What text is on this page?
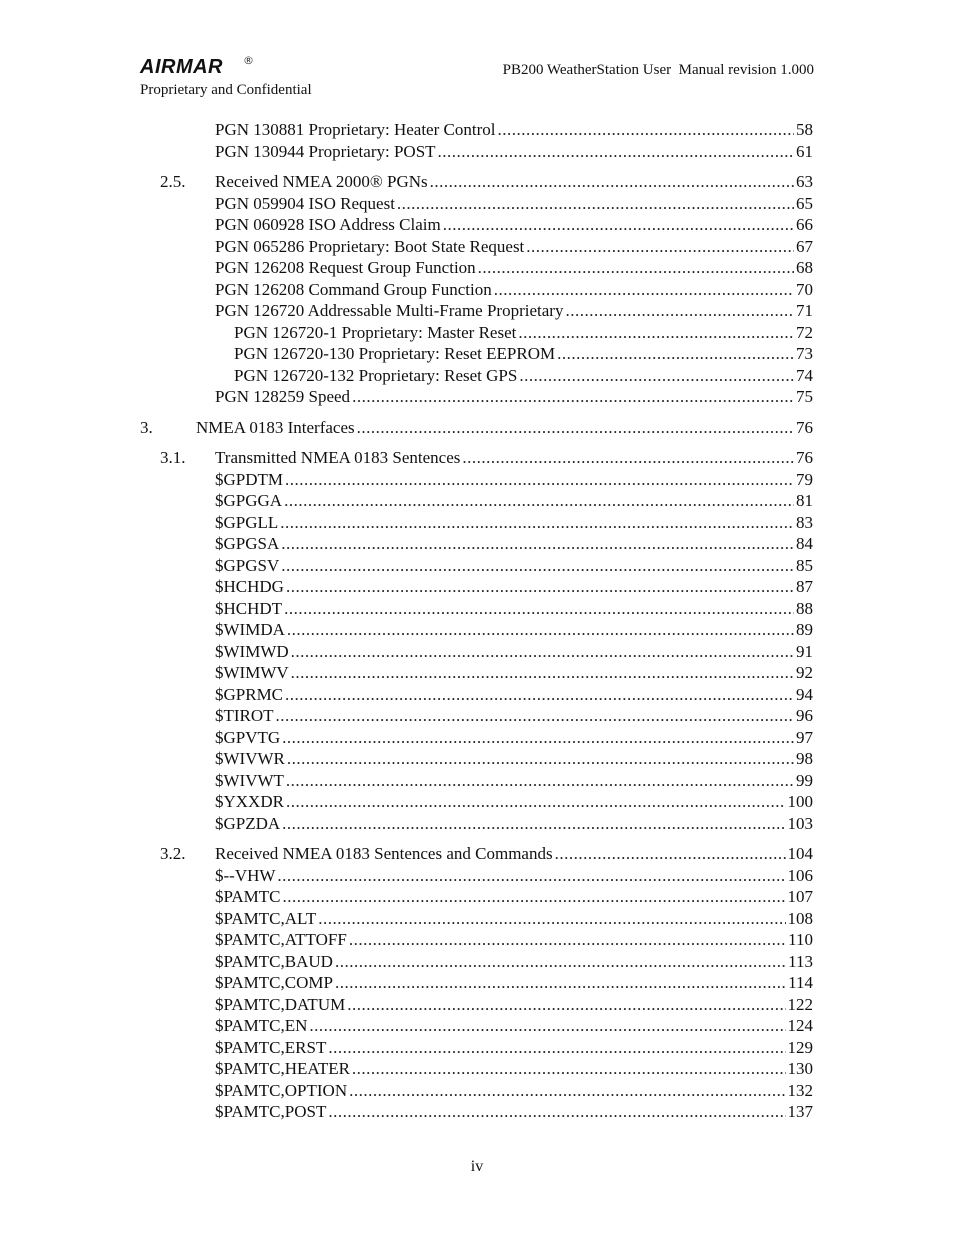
AIRMAR ®
Proprietary and Confidential
PB200 WeatherStation User  Manual revision 1.000
PGN 130881 Proprietary: Heater Control .....	58
PGN 130944 Proprietary: POST .....	61
2.5. Received NMEA 2000® PGNs .....	63
PGN 059904 ISO Request .....	65
PGN 060928 ISO Address Claim .....	66
PGN 065286 Proprietary: Boot State Request .....	67
PGN 126208 Request Group Function .....	68
PGN 126208 Command Group Function .....	70
PGN 126720 Addressable Multi-Frame Proprietary .....	71
PGN 126720-1 Proprietary: Master Reset .....	72
PGN 126720-130 Proprietary: Reset EEPROM .....	73
PGN 126720-132 Proprietary: Reset GPS .....	74
PGN 128259 Speed .....	75
3.	NMEA 0183 Interfaces .....	76
3.1. Transmitted NMEA 0183 Sentences .....	76
$GPDTM .....	79
$GPGGA .....	81
$GPGLL .....	83
$GPGSA .....	84
$GPGSV .....	85
$HCHDG .....	87
$HCHDT .....	88
$WIMDA .....	89
$WIMWD .....	91
$WIMWV .....	92
$GPRMC .....	94
$TIROT .....	96
$GPVTG .....	97
$WIVWR .....	98
$WIVWT .....	99
$YXXDR .....	100
$GPZDA .....	103
3.2. Received NMEA 0183 Sentences and Commands .....	104
$--VHW .....	106
$PAMTC .....	107
$PAMTC,ALT .....	108
$PAMTC,ATTOFF .....	110
$PAMTC,BAUD .....	113
$PAMTC,COMP .....	114
$PAMTC,DATUM .....	122
$PAMTC,EN .....	124
$PAMTC,ERST .....	129
$PAMTC,HEATER .....	130
$PAMTC,OPTION .....	132
$PAMTC,POST .....	137
iv
